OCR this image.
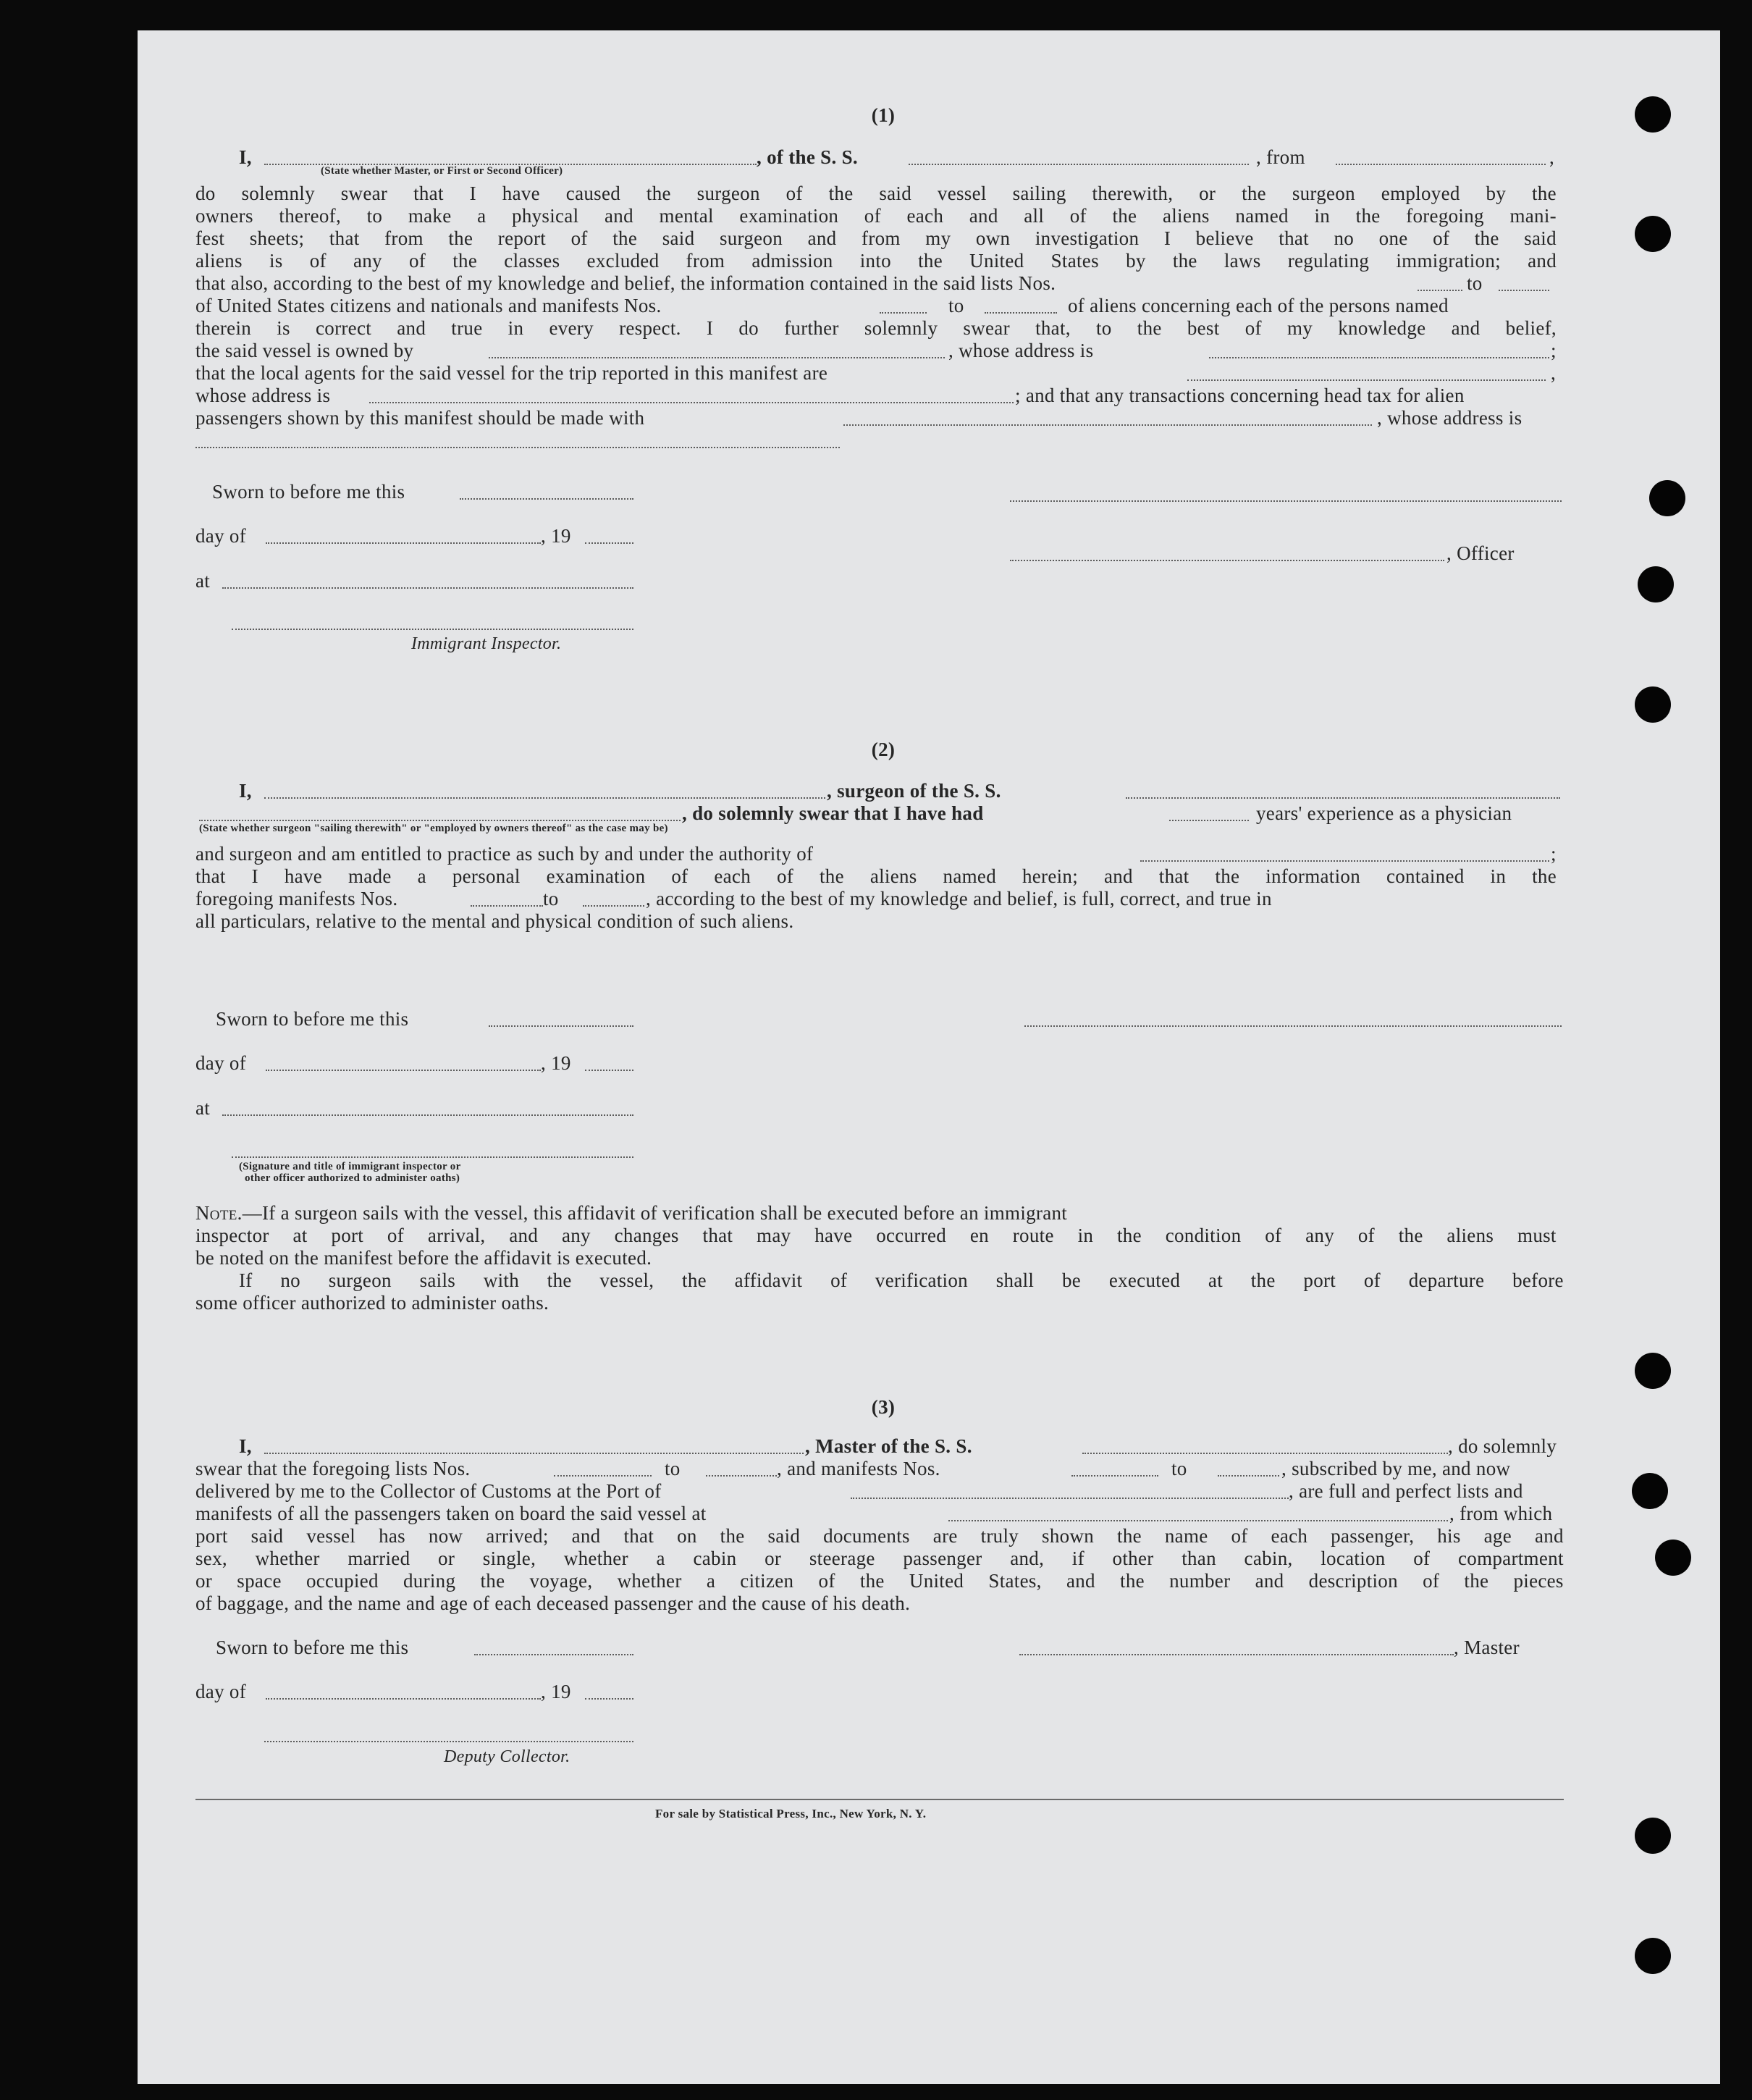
(1)
I,
(State whether Master, or First or Second Officer)
, of the S. S.	, from	,
do solemnly swear that I have caused the surgeon of the said vessel sailing therewith, or the surgeon employed by the
owners thereof, to make a physical and mental examination of each and all of the aliens named in the foregoing mani-
fest sheets; that from the report of the said surgeon and from my own investigation I believe that no one of the said
aliens is of any of the classes excluded from admission into the United States by the laws regulating immigration; and
that also, according to the best of my knowledge and belief, the information contained in the said lists Nos.	to
of United States citizens and nationals and manifests Nos.	to	of aliens concerning each of the persons named
therein is correct and true in every respect. I do further solemnly swear that, to the best of my knowledge and belief,
the said vessel is owned by	, whose address is	;
that the local agents for the said vessel for the trip reported in this manifest are	,
whose address is	; and that any transactions concerning head tax for alien
passengers shown by this manifest should be made with	, whose address is
Sworn to before me this
day of	, 19
at
Immigrant Inspector.
, Officer
(2)
I,	, surgeon of the S. S.
(State whether surgeon "sailing therewith" or "employed by owners thereof" as the case may be)
, do solemnly swear that I have had	years' experience as a physician
and surgeon and am entitled to practice as such by and under the authority of	;
that I have made a personal examination of each of the aliens named herein; and that the information contained in the
foregoing manifests Nos.	to	, according to the best of my knowledge and belief, is full, correct, and true in
all particulars, relative to the mental and physical condition of such aliens.
Sworn to before me this
day of	, 19
at
(Signature and title of immigrant inspector or
other officer authorized to administer oaths)
Note.—If a surgeon sails with the vessel, this affidavit of verification shall be executed before an immigrant
inspector at port of arrival, and any changes that may have occurred en route in the condition of any of the aliens must
be noted on the manifest before the affidavit is executed.
If no surgeon sails with the vessel, the affidavit of verification shall be executed at the port of departure before
some officer authorized to administer oaths.
(3)
I,	, Master of the S. S.	, do solemnly
swear that the foregoing lists Nos.	to	, and manifests Nos.	to	, subscribed by me, and now
delivered by me to the Collector of Customs at the Port of	, are full and perfect lists and
manifests of all the passengers taken on board the said vessel at	, from which
port said vessel has now arrived; and that on the said documents are truly shown the name of each passenger, his age and
sex, whether married or single, whether a cabin or steerage passenger and, if other than cabin, location of compartment
or space occupied during the voyage, whether a citizen of the United States, and the number and description of the pieces
of baggage, and the name and age of each deceased passenger and the cause of his death.
Sworn to before me this	, Master
day of	, 19
Deputy Collector.
For sale by Statistical Press, Inc., New York, N. Y.
